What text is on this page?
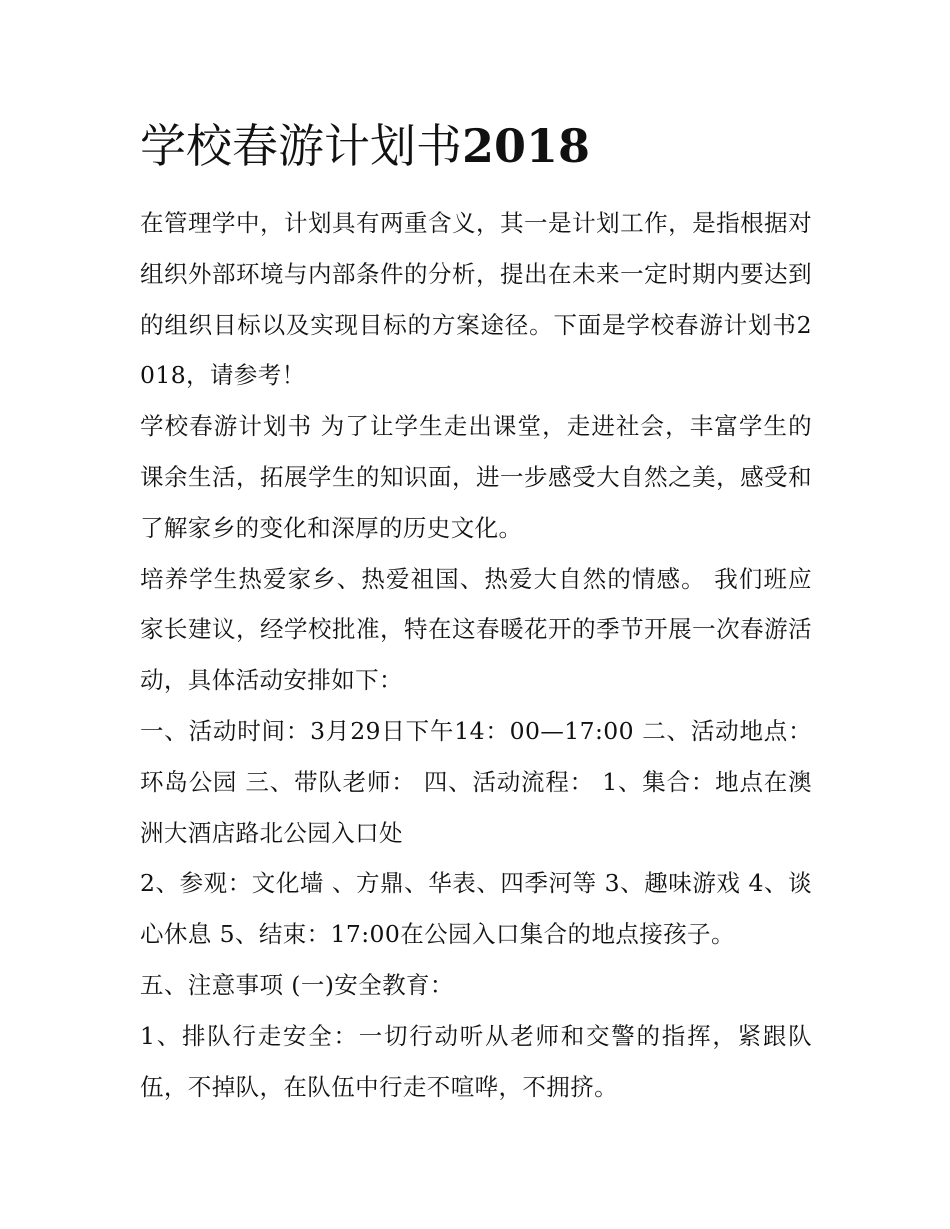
学校春游计划书2018

在管理学中，计划具有两重含义，其一是计划工作，是指根据对组织外部环境与内部条件的分析，提出在未来一定时期内要达到的组织目标以及实现目标的方案途径。下面是学校春游计划书2018，请参考！

学校春游计划书 为了让学生走出课堂，走进社会，丰富学生的课余生活，拓展学生的知识面，进一步感受大自然之美，感受和了解家乡的变化和深厚的历史文化。

培养学生热爱家乡、热爱祖国、热爱大自然的情感。 我们班应家长建议，经学校批准，特在这春暖花开的季节开展一次春游活动，具体活动安排如下：

一、活动时间：3月29日下午14：00—17:00 二、活动地点：环岛公园 三、带队老师： 四、活动流程： 1、集合：地点在澳洲大酒店路北公园入口处

2、参观：文化墙 、方鼎、华表、四季河等 3、趣味游戏 4、谈心休息 5、结束：17:00在公园入口集合的地点接孩子。

五、注意事项 (一)安全教育：

1、排队行走安全：一切行动听从老师和交警的指挥，紧跟队伍，不掉队，在队伍中行走不喧哗，不拥挤。
